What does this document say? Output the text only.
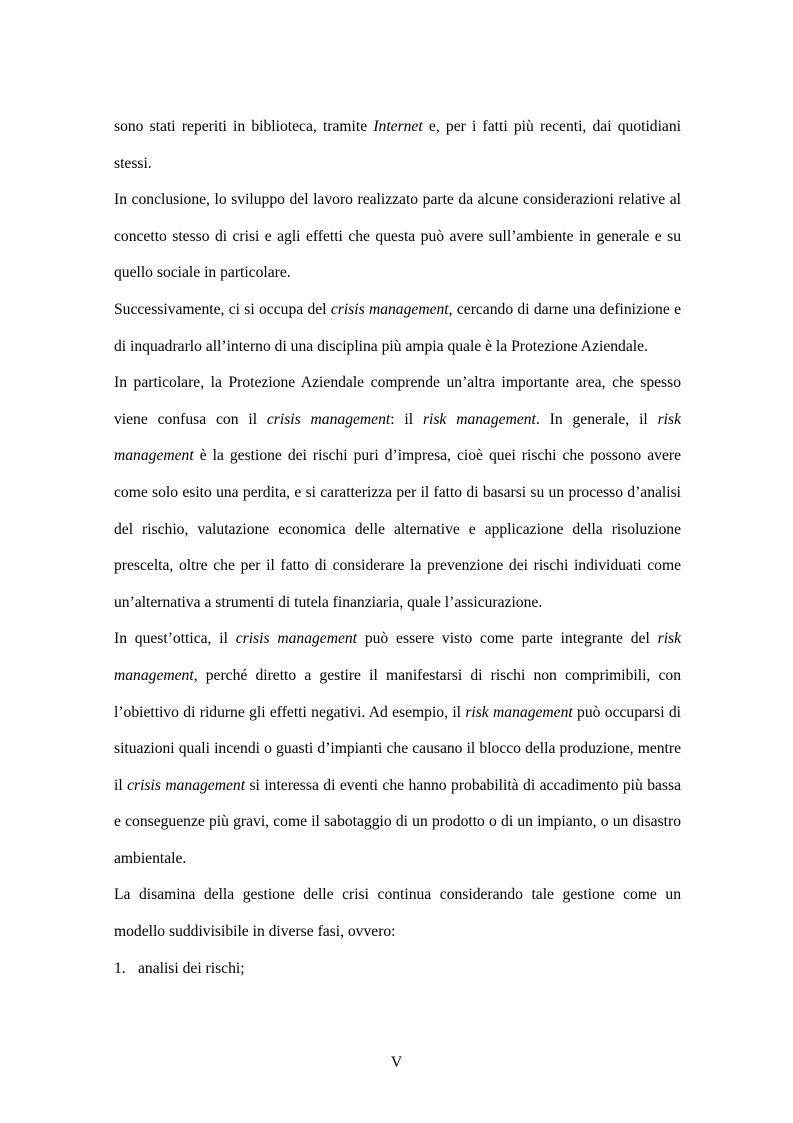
sono stati reperiti in biblioteca, tramite Internet e, per i fatti più recenti, dai quotidiani stessi.

In conclusione, lo sviluppo del lavoro realizzato parte da alcune considerazioni relative al concetto stesso di crisi e agli effetti che questa può avere sull’ambiente in generale e su quello sociale in particolare.

Successivamente, ci si occupa del crisis management, cercando di darne una definizione e di inquadrarlo all’interno di una disciplina più ampia quale è la Protezione Aziendale.

In particolare, la Protezione Aziendale comprende un’altra importante area, che spesso viene confusa con il crisis management: il risk management. In generale, il risk management è la gestione dei rischi puri d’impresa, cioè quei rischi che possono avere come solo esito una perdita, e si caratterizza per il fatto di basarsi su un processo d’analisi del rischio, valutazione economica delle alternative e applicazione della risoluzione prescelta, oltre che per il fatto di considerare la prevenzione dei rischi individuati come un’alternativa a strumenti di tutela finanziaria, quale l’assicurazione.

In quest’ottica, il crisis management può essere visto come parte integrante del risk management, perché diretto a gestire il manifestarsi di rischi non comprimibili, con l’obiettivo di ridurne gli effetti negativi. Ad esempio, il risk management può occuparsi di situazioni quali incendi o guasti d’impianti che causano il blocco della produzione, mentre il crisis management si interessa di eventi che hanno probabilità di accadimento più bassa e conseguenze più gravi, come il sabotaggio di un prodotto o di un impianto, o un disastro ambientale.

La disamina della gestione delle crisi continua considerando tale gestione come un modello suddivisibile in diverse fasi, ovvero:

1. analisi dei rischi;

V
